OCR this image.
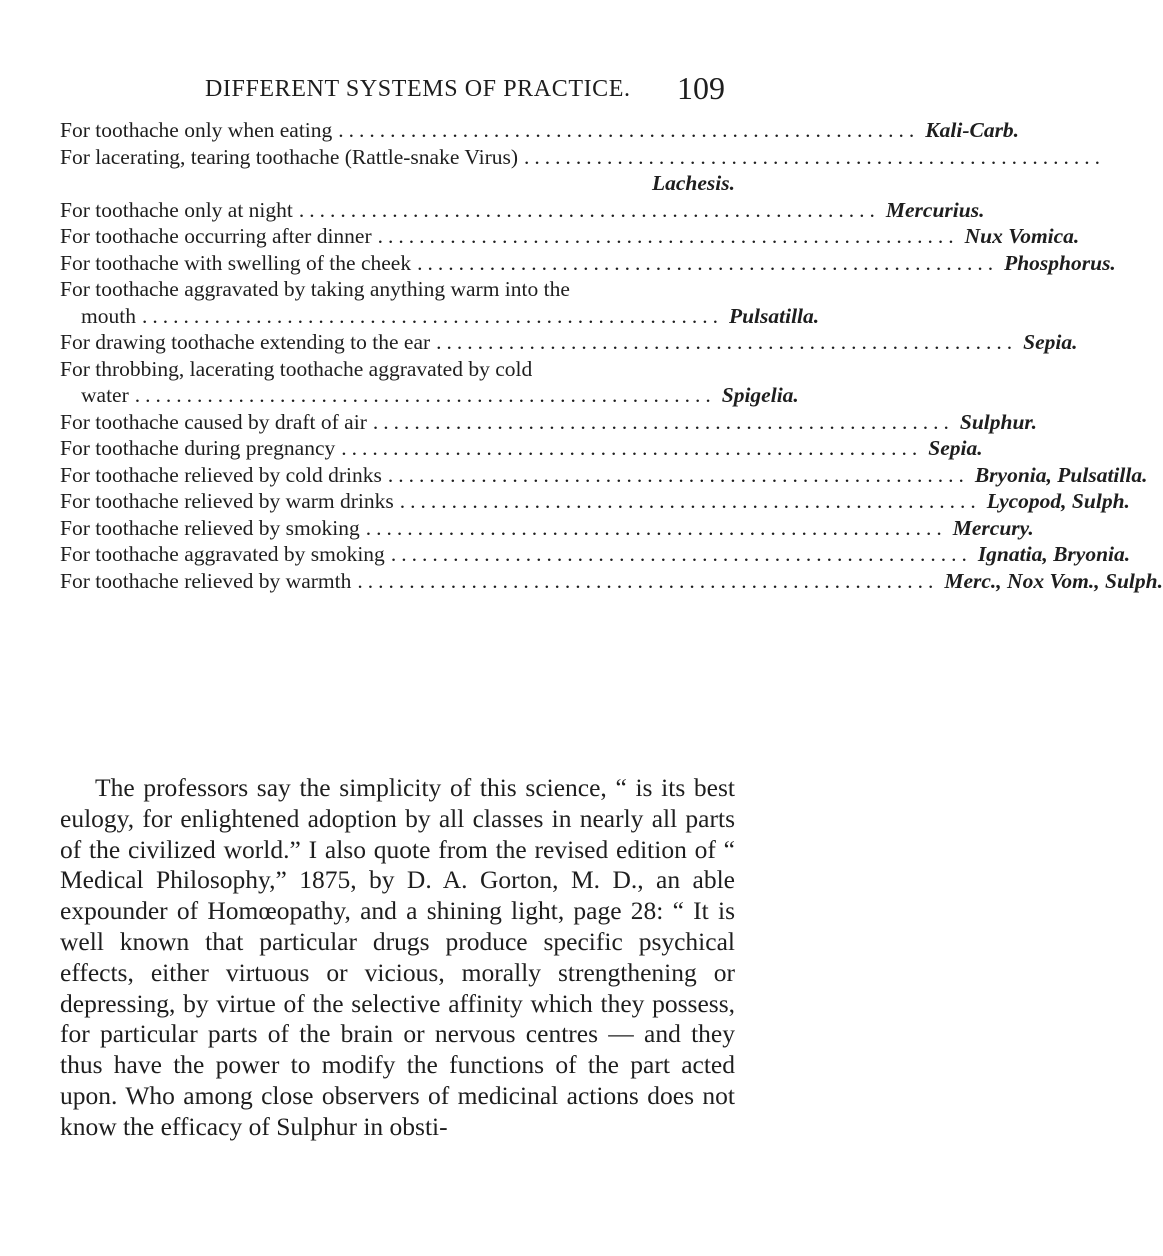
DIFFERENT SYSTEMS OF PRACTICE. 109

For toothache only when eating ........................................................ Kali-Carb.

For lacerating, tearing toothache (Rattle-snake Virus) ........................................................

Lachesis.

For toothache only at night ........................................................ Mercurius.

For toothache occurring after dinner ........................................................ Nux Vomica.

For toothache with swelling of the cheek ........................................................ Phosphorus.

For toothache aggravated by taking anything warm into the

mouth ........................................................ Pulsatilla.

For drawing toothache extending to the ear ........................................................ Sepia.

For throbbing, lacerating toothache aggravated by cold

water ........................................................ Spigelia.

For toothache caused by draft of air ........................................................ Sulphur.

For toothache during pregnancy ........................................................ Sepia.

For toothache relieved by cold drinks ........................................................ Bryonia, Pulsatilla.

For toothache relieved by warm drinks ........................................................ Lycopod, Sulph.

For toothache relieved by smoking ........................................................ Mercury.

For toothache aggravated by smoking ........................................................ Ignatia, Bryonia.

For toothache relieved by warmth ........................................................ Merc., Nox Vom., Sulph.

The professors say the simplicity of this science, “ is its best eulogy, for enlightened adoption by all classes in nearly all parts of the civilized world.” I also quote from the revised edition of “ Medical Philosophy,” 1875, by D. A. Gorton, M. D., an able expounder of Homœopathy, and a shining light, page 28: “ It is well known that particular drugs produce specific psychical effects, either virtuous or vicious, morally strengthening or depressing, by virtue of the selective affinity which they possess, for particular parts of the brain or nervous centres — and they thus have the power to modify the functions of the part acted upon. Who among close observers of medicinal actions does not know the efficacy of Sulphur in obsti-
